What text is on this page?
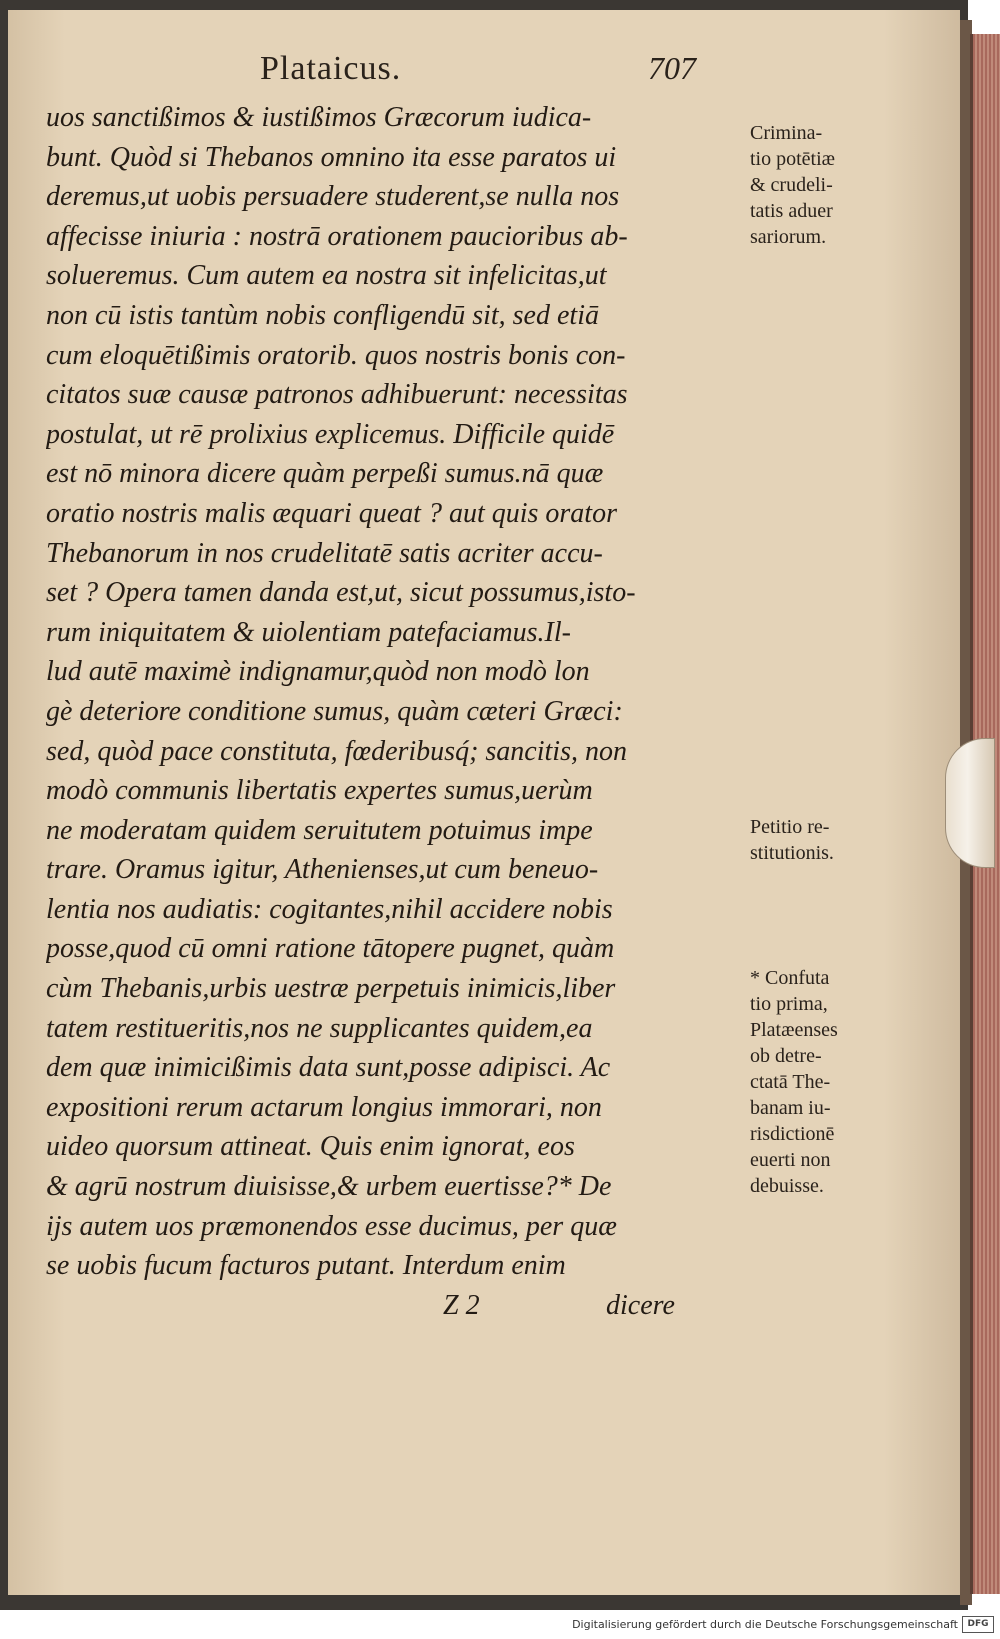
Plataicus.	707
uos sanctißimos & iustißimos Græcorum iudica-
bunt. Quòd si Thebanos omnino ita esse paratos ui
deremus,ut uobis persuadere studerent,se nulla nos
affecisse iniuria : nostrā orationem paucioribus ab-
solueremus. Cum autem ea nostra sit infelicitas,ut
non cū istis tantùm nobis confligendū sit, sed etiā
cum eloquētißimis oratorib. quos nostris bonis con-
citatos suæ causæ patronos adhibuerunt: necessitas
postulat, ut rē prolixius explicemus. Difficile quidē
est nō minora dicere quàm perpeßi sumus.nā quæ
oratio nostris malis æquari queat ? aut quis orator
Thebanorum in nos crudelitatē satis acriter accu-
set ? Opera tamen danda est,ut, sicut possumus,isto-
rum iniquitatem & uiolentiam patefaciamus.Il-
lud autē maximè indignamur,quòd non modò lon
gè deteriore conditione sumus, quàm cæteri Græci:
sed, quòd pace constituta, fœderibusq́; sancitis, non
modò communis libertatis expertes sumus,uerùm
ne moderatam quidem seruitutem potuimus impe
trare. Oramus igitur, Athenienses,ut cum beneuo-
lentia nos audiatis: cogitantes,nihil accidere nobis
posse,quod cū omni ratione tātopere pugnet, quàm
cùm Thebanis,urbis uestræ perpetuis inimicis,liber
tatem restitueritis,nos ne supplicantes quidem,ea
dem quæ inimicißimis data sunt,posse adipisci. Ac
expositioni rerum actarum longius immorari, non
uideo quorsum attineat. Quis enim ignorat, eos
& agrū nostrum diuisisse,& urbem euertisse?* De
ijs autem uos præmonendos esse ducimus, per quæ
se uobis fucum facturos putant. Interdum enim
Crimina-
tio potētiæ
& crudeli-
tatis aduer
sariorum.
Petitio re-
stitutionis.
* Confuta
tio prima,
Platæenses
ob detre-
ctatā The-
banam iu-
risdictionē
euerti non
debuisse.
Z 2	dicere
Digitalisierung gefördert durch die Deutsche Forschungsgemeinschaft	DFG
